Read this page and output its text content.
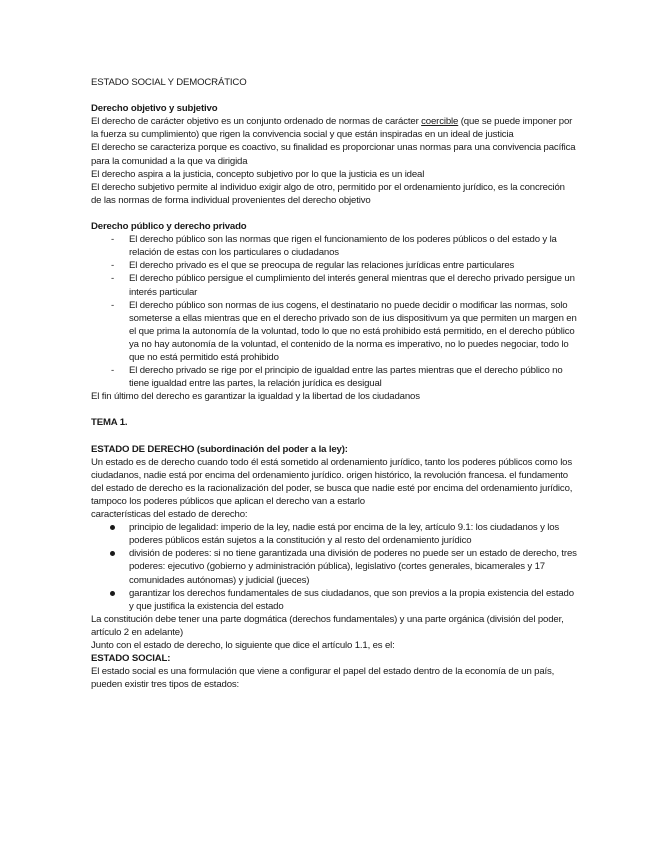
ESTADO SOCIAL Y DEMOCRÁTICO

Derecho objetivo y subjetivo

El derecho de carácter objetivo es un conjunto ordenado de normas de carácter coercible (que se puede imponer por la fuerza su cumplimiento) que rigen la convivencia social y que están inspiradas en un ideal de justicia

El derecho se caracteriza porque es coactivo, su finalidad es proporcionar unas normas para una convivencia pacífica para la comunidad a la que va dirigida

El derecho aspira a la justicia, concepto subjetivo por lo que la justicia es un ideal

El derecho subjetivo permite al individuo exigir algo de otro, permitido por el ordenamiento jurídico, es la concreción de las normas de forma individual provenientes del derecho objetivo

Derecho público y derecho privado

- El derecho público son las normas que rigen el funcionamiento de los poderes públicos o del estado y la relación de estas con los particulares o ciudadanos
- El derecho privado es el que se preocupa de regular las relaciones jurídicas entre particulares
- El derecho público persigue el cumplimiento del interés general mientras que el derecho privado persigue un interés particular
- El derecho público son normas de ius cogens, el destinatario no puede decidir o modificar las normas, solo someterse a ellas mientras que en el derecho privado son de ius dispositivum ya que permiten un margen en el que prima la autonomía de la voluntad, todo lo que no está prohibido está permitido, en el derecho público ya no hay autonomía de la voluntad, el contenido de la norma es imperativo, no lo puedes negociar, todo lo que no está permitido está prohibido
- El derecho privado se rige por el principio de igualdad entre las partes mientras que el derecho público no tiene igualdad entre las partes, la relación jurídica es desigual

El fin último del derecho es garantizar la igualdad y la libertad de los ciudadanos

TEMA 1.

ESTADO DE DERECHO (subordinación del poder a la ley):

Un estado es de derecho cuando todo él está sometido al ordenamiento jurídico, tanto los poderes públicos como los ciudadanos, nadie está por encima del ordenamiento jurídico. origen histórico, la revolución francesa. el fundamento del estado de derecho es la racionalización del poder, se busca que nadie esté por encima del ordenamiento jurídico, tampoco los poderes públicos que aplican el derecho van a estarlo

características del estado de derecho:

principio de legalidad: imperio de la ley, nadie está por encima de la ley, artículo 9.1: los ciudadanos y los poderes públicos están sujetos a la constitución y al resto del ordenamiento jurídico
división de poderes: si no tiene garantizada una división de poderes no puede ser un estado de derecho, tres poderes: ejecutivo (gobierno y administración pública), legislativo (cortes generales, bicamerales y 17 comunidades autónomas) y judicial (jueces)
garantizar los derechos fundamentales de sus ciudadanos, que son previos a la propia existencia del estado y que justifica la existencia del estado

La constitución debe tener una parte dogmática (derechos fundamentales) y una parte orgánica (división del poder, artículo 2 en adelante)

Junto con el estado de derecho, lo siguiente que dice el artículo 1.1, es el:

ESTADO SOCIAL:

El estado social es una formulación que viene a configurar el papel del estado dentro de la economía de un país, pueden existir tres tipos de estados:
